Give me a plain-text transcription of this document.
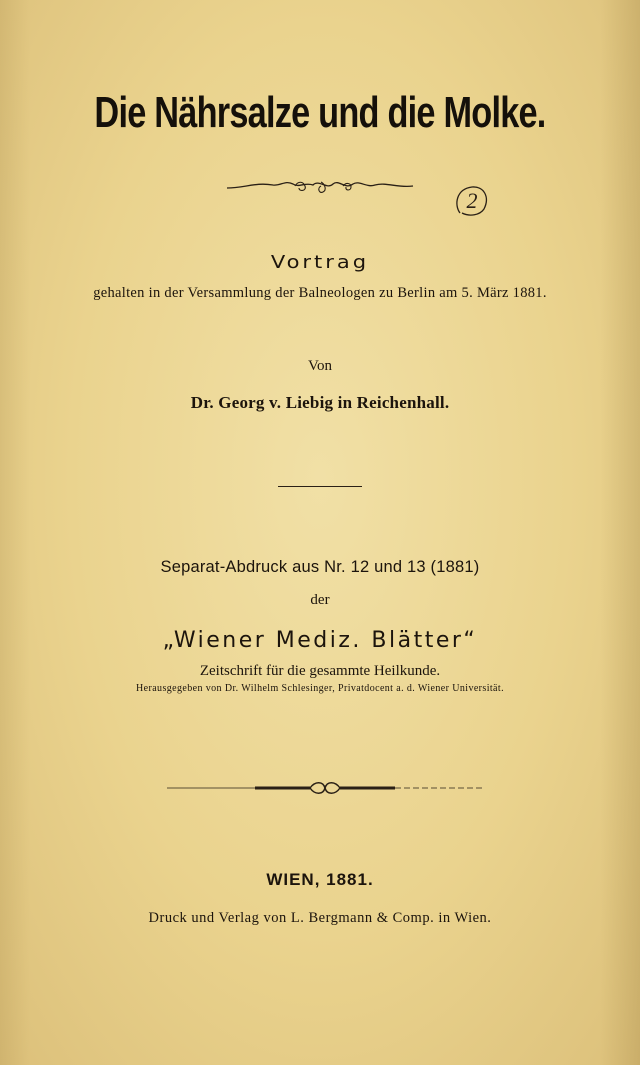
Die Nährsalze und die Molke.
2
Vortrag
gehalten in der Versammlung der Balneologen zu Berlin am 5. März 1881.
Von
Dr. Georg v. Liebig in Reichenhall.
Separat-Abdruck aus Nr. 12 und 13 (1881)
der
„Wiener Mediz. Blätter“
Zeitschrift für die gesammte Heilkunde.
Herausgegeben von Dr. Wilhelm Schlesinger, Privatdocent a. d. Wiener Universität.
WIEN, 1881.
Druck und Verlag von L. Bergmann & Comp. in Wien.
